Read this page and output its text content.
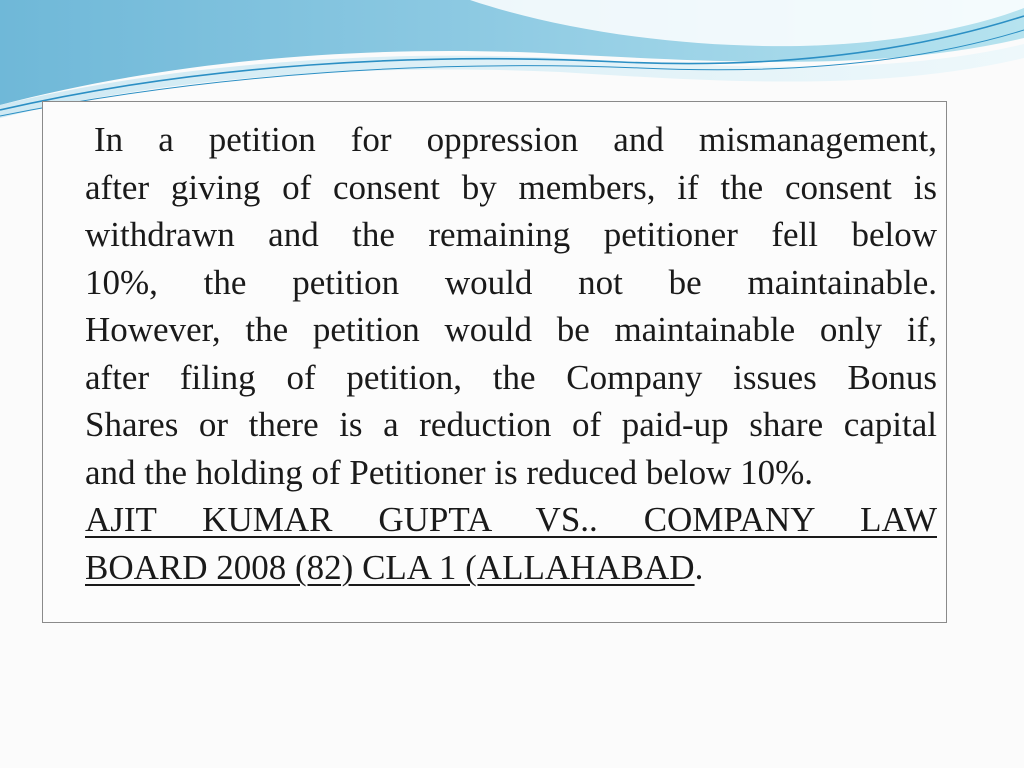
In a petition for oppression and mismanagement,
after giving of consent by members, if the consent is
withdrawn and the remaining petitioner fell below
10%, the petition would not be maintainable.
However, the petition would be maintainable only if,
after filing of petition, the Company issues Bonus
Shares or there is a reduction of paid-up share capital
and the holding of Petitioner is reduced below 10%.
AJIT KUMAR GUPTA VS.. COMPANY LAW
BOARD 2008 (82) CLA 1 (ALLAHABAD.
